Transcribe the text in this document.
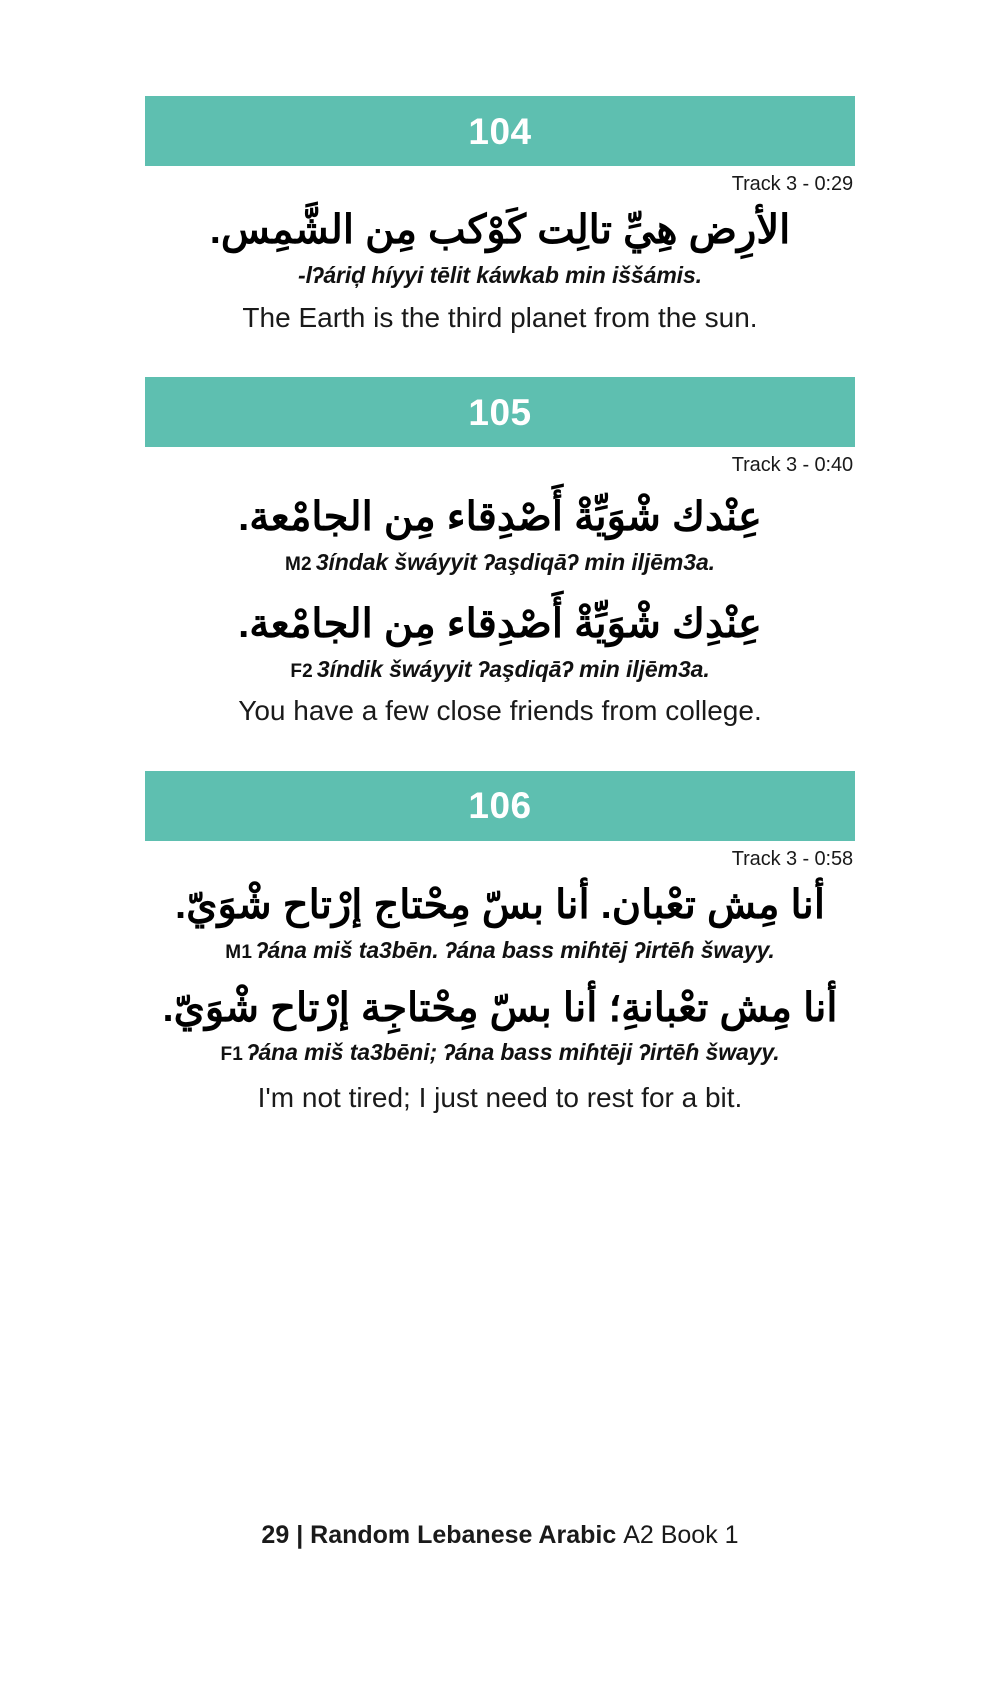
104
Track 3 - 0:29
الأرِض هِيِّ تالِت كَوْكب مِن الشَّمِس.
-lʔáriḑ híyyi tēlit káwkab min iššámis.
The Earth is the third planet from the sun.
105
Track 3 - 0:40
عِنْدك شْوَيِّةْ أَصْدِقاء مِن الجامْعة.
M2 3índak šwáyyit ʔaşdiqāʔ min iljēm3a.
عِنْدِك شْوَيِّةْ أَصْدِقاء مِن الجامْعة.
F2 3índik šwáyyit ʔaşdiqāʔ min iljēm3a.
You have a few close friends from college.
106
Track 3 - 0:58
أنا مِش تعْبان. أنا بسّ مِحْتاج إرْتاح شْوَيّ.
M1 ʔána miš ta3bēn. ʔána bass miɦtēj ʔirtēɦ šwayy.
أنا مِش تعْبانةِ؛ أنا بسّ مِحْتاجِة إرْتاح شْوَيّ.
F1 ʔána miš ta3bēni; ʔána bass miɦtēji ʔirtēɦ šwayy.
I'm not tired; I just need to rest for a bit.
29 | Random Lebanese Arabic A2 Book 1
